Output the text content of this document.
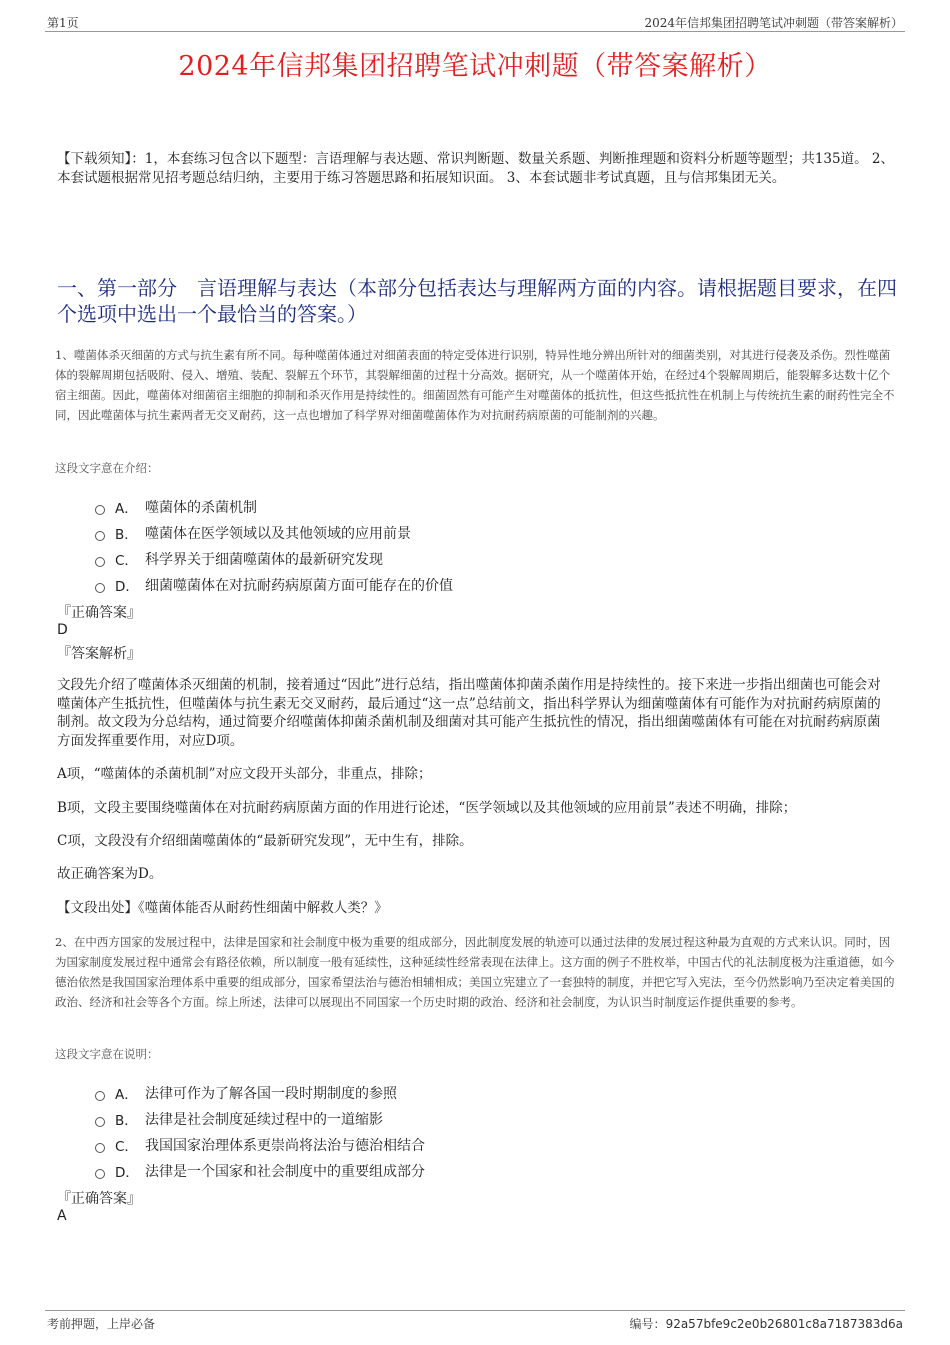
第1页	2024年信邦集团招聘笔试冲刺题（带答案解析）
2024年信邦集团招聘笔试冲刺题（带答案解析）
【下载须知】：1，本套练习包含以下题型：言语理解与表达题、常识判断题、数量关系题、判断推理题和资料分析题等题型；共135道。 2、本套试题根据常见招考题总结归纳，主要用于练习答题思路和拓展知识面。 3、本套试题非考试真题，且与信邦集团无关。
一、第一部分　言语理解与表达（本部分包括表达与理解两方面的内容。请根据题目要求，在四个选项中选出一个最恰当的答案。）
1、噬菌体杀灭细菌的方式与抗生素有所不同。每种噬菌体通过对细菌表面的特定受体进行识别，特异性地分辨出所针对的细菌类别，对其进行侵袭及杀伤。烈性噬菌体的裂解周期包括吸附、侵入、增殖、装配、裂解五个环节，其裂解细菌的过程十分高效。据研究，从一个噬菌体开始，在经过4个裂解周期后，能裂解多达数十亿个宿主细菌。因此，噬菌体对细菌宿主细胞的抑制和杀灭作用是持续性的。细菌固然有可能产生对噬菌体的抵抗性，但这些抵抗性在机制上与传统抗生素的耐药性完全不同，因此噬菌体与抗生素两者无交叉耐药，这一点也增加了科学界对细菌噬菌体作为对抗耐药病原菌的可能制剂的兴趣。
这段文字意在介绍：
A． 噬菌体的杀菌机制
B． 噬菌体在医学领域以及其他领域的应用前景
C． 科学界关于细菌噬菌体的最新研究发现
D． 细菌噬菌体在对抗耐药病原菌方面可能存在的价值
『正确答案』
D
『答案解析』
文段先介绍了噬菌体杀灭细菌的机制，接着通过“因此”进行总结，指出噬菌体抑菌杀菌作用是持续性的。接下来进一步指出细菌也可能会对噬菌体产生抵抗性，但噬菌体与抗生素无交叉耐药，最后通过“这一点”总结前文，指出科学界认为细菌噬菌体有可能作为对抗耐药病原菌的制剂。故文段为分总结构，通过简要介绍噬菌体抑菌杀菌机制及细菌对其可能产生抵抗性的情况，指出细菌噬菌体有可能在对抗耐药病原菌方面发挥重要作用，对应D项。
A项，“噬菌体的杀菌机制”对应文段开头部分，非重点，排除；
B项，文段主要围绕噬菌体在对抗耐药病原菌方面的作用进行论述，“医学领域以及其他领域的应用前景”表述不明确，排除；
C项，文段没有介绍细菌噬菌体的“最新研究发现”，无中生有，排除。
故正确答案为D。
【文段出处】《噬菌体能否从耐药性细菌中解救人类？》
2、在中西方国家的发展过程中，法律是国家和社会制度中极为重要的组成部分，因此制度发展的轨迹可以通过法律的发展过程这种最为直观的方式来认识。同时，因为国家制度发展过程中通常会有路径依赖，所以制度一般有延续性，这种延续性经常表现在法律上。这方面的例子不胜枚举，中国古代的礼法制度极为注重道德，如今德治依然是我国国家治理体系中重要的组成部分，国家希望法治与德治相辅相成；美国立宪建立了一套独特的制度，并把它写入宪法，至今仍然影响乃至决定着美国的政治、经济和社会等各个方面。综上所述，法律可以展现出不同国家一个历史时期的政治、经济和社会制度，为认识当时制度运作提供重要的参考。
这段文字意在说明：
A． 法律可作为了解各国一段时期制度的参照
B． 法律是社会制度延续过程中的一道缩影
C． 我国国家治理体系更崇尚将法治与德治相结合
D． 法律是一个国家和社会制度中的重要组成部分
『正确答案』
A
考前押题，上岸必备	编号：92a57bfe9c2e0b26801c8a7187383d6a
